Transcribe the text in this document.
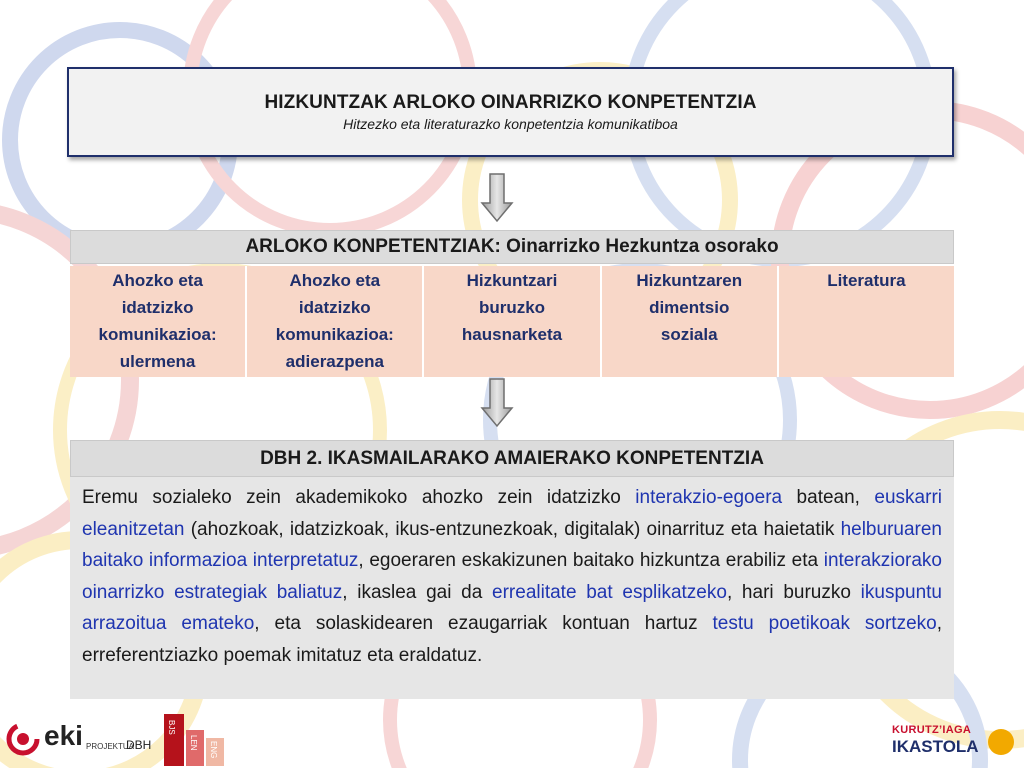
HIZKUNTZAK ARLOKO OINARRIZKO KONPETENTZIA
Hitzezko eta literaturazko konpetentzia komunikatiboa
ARLOKO KONPETENTZIAK: Oinarrizko Hezkuntza osorako
Ahozko eta
idatzizko
komunikazioa:
ulermena
Ahozko eta
idatzizko
komunikazioa:
adierazpena
Hizkuntzari
buruzko
hausnarketa
Hizkuntzaren
dimentsio
soziala
Literatura
DBH 2. IKASMAILARAKO AMAIERAKO KONPETENTZIA
Eremu sozialeko zein akademikoko ahozko zein idatzizko interakzio-egoera batean, euskarri eleanitzetan (ahozkoak, idatzizkoak, ikus-entzunezkoak, digitalak) oinarrituz eta haietatik helburuaren baitako informazioa interpretatuz, egoeraren eskakizunen baitako hizkuntza erabiliz eta interakziorako oinarrizko estrategiak baliatuz, ikaslea gai da errealitate bat esplikatzeko, hari buruzko ikuspuntu arrazoitua emateko, eta solaskidearen ezaugarriak kontuan hartuz testu poetikoak sortzeko, erreferentziazko poemak imitatuz eta eraldatuz.
eki PROJEKTUA
DBH
BJS
LEN ENG
KURUTZ’IAGA
IKASTOLA
